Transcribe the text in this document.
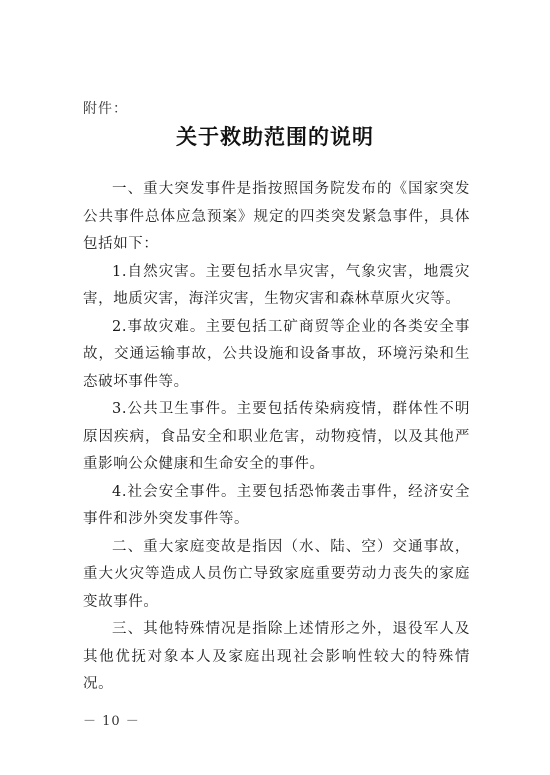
附件：
关于救助范围的说明

一、重大突发事件是指按照国务院发布的《国家突发公共事件总体应急预案》规定的四类突发紧急事件，具体包括如下：

1.自然灾害。主要包括水旱灾害，气象灾害，地震灾害，地质灾害，海洋灾害，生物灾害和森林草原火灾等。

2.事故灾难。主要包括工矿商贸等企业的各类安全事故，交通运输事故，公共设施和设备事故，环境污染和生态破坏事件等。

3.公共卫生事件。主要包括传染病疫情，群体性不明原因疾病，食品安全和职业危害，动物疫情，以及其他严重影响公众健康和生命安全的事件。

4.社会安全事件。主要包括恐怖袭击事件，经济安全事件和涉外突发事件等。

二、重大家庭变故是指因（水、陆、空）交通事故，重大火灾等造成人员伤亡导致家庭重要劳动力丧失的家庭变故事件。

三、其他特殊情况是指除上述情形之外，退役军人及其他优抚对象本人及家庭出现社会影响性较大的特殊情况。

－ 10 －
